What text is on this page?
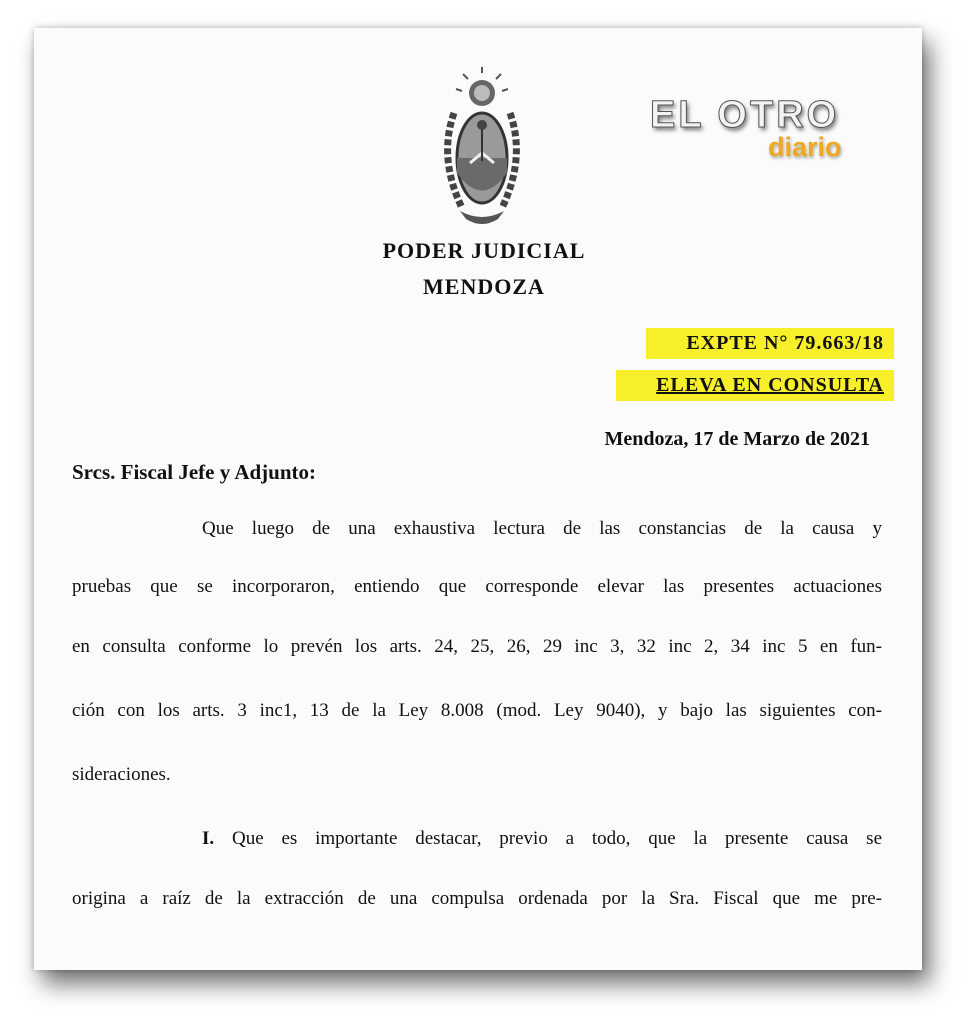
EL OTRO
diario
PODER JUDICIAL
MENDOZA
EXPTE N° 79.663/18
ELEVA EN CONSULTA
Mendoza, 17 de Marzo de 2021
Srcs. Fiscal Jefe y Adjunto:
Que luego de una exhaustiva lectura de las constancias de la causa y
pruebas que se incorporaron, entiendo que corresponde elevar las presentes actuaciones
en consulta conforme lo prevén los arts. 24, 25, 26, 29 inc 3, 32 inc 2, 34 inc 5 en fun-
ción con los arts. 3 inc1, 13 de la Ley 8.008 (mod. Ley 9040), y bajo las siguientes con-
sideraciones.
I. Que es importante destacar, previo a todo, que la presente causa se
origina a raíz de la extracción de una compulsa ordenada por la Sra. Fiscal que me pre-
